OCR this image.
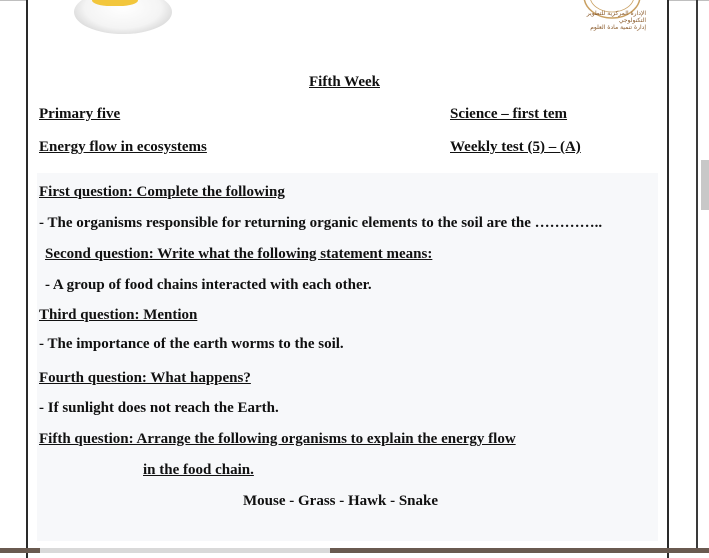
الإدارة المركزية للتطوير التكنولوجي
إدارة تنمية مادة العلوم
Fifth Week
Primary five	Science – first tem
Energy flow in ecosystems	Weekly test (5) – (A)
First question: Complete the following
- The organisms responsible for returning organic elements to the soil are the …………..
Second question: Write what the following statement means:
- A group of food chains interacted with each other.
Third question: Mention
- The importance of the earth worms to the soil.
Fourth question: What happens?
- If sunlight does not reach the Earth.
Fifth question: Arrange the following organisms to explain the energy flow
in the food chain.
Mouse - Grass - Hawk - Snake
